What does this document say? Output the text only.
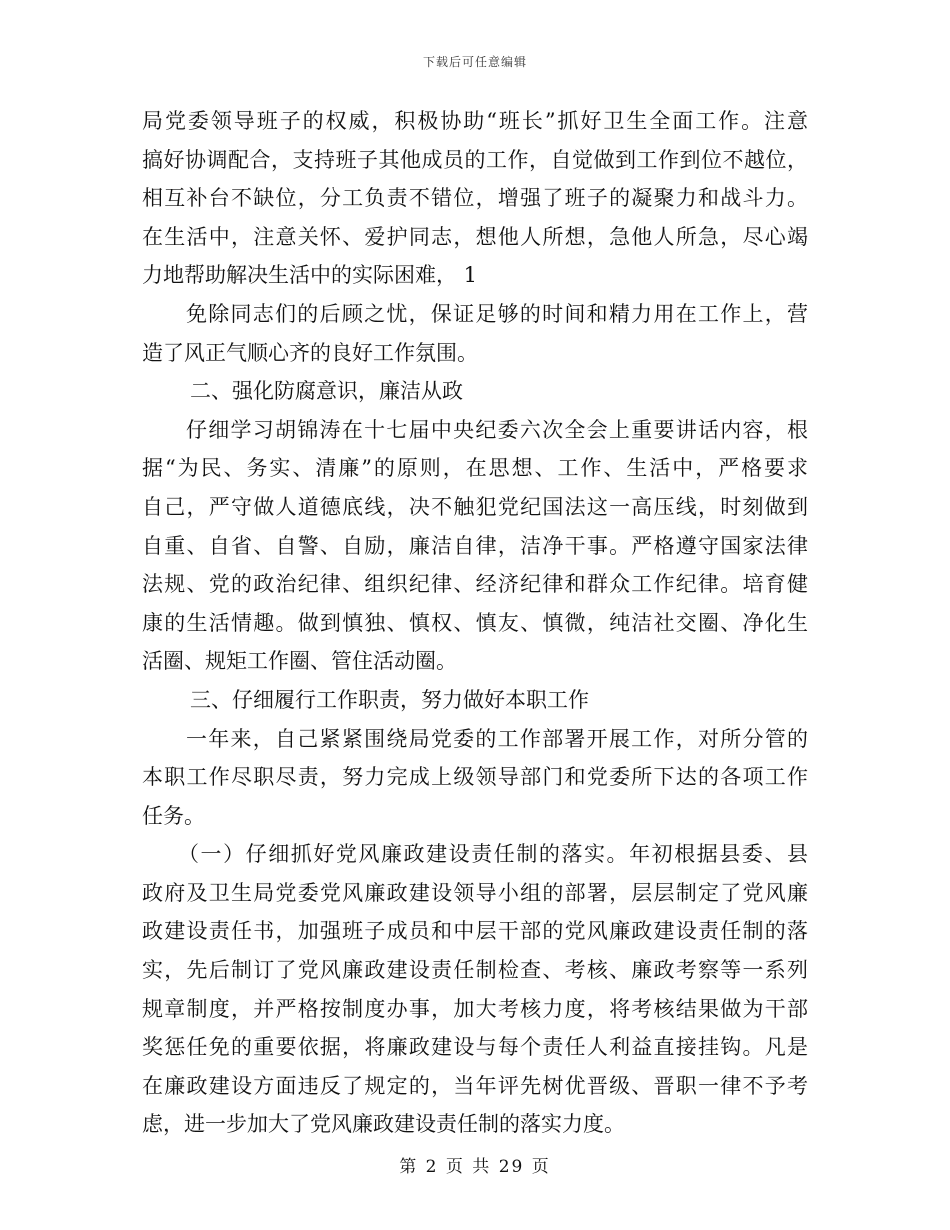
下载后可任意编辑
局党委领导班子的权威，积极协助“班长”抓好卫生全面工作。注意
搞好协调配合，支持班子其他成员的工作，自觉做到工作到位不越位，
相互补台不缺位，分工负责不错位，增强了班子的凝聚力和战斗力。
在生活中，注意关怀、爱护同志，想他人所想，急他人所急，尽心竭
力地帮助解决生活中的实际困难， 1
免除同志们的后顾之忧，保证足够的时间和精力用在工作上，营
造了风正气顺心齐的良好工作氛围。
二、强化防腐意识，廉洁从政
仔细学习胡锦涛在十七届中央纪委六次全会上重要讲话内容，根
据“为民、务实、清廉”的原则，在思想、工作、生活中，严格要求
自己，严守做人道德底线，决不触犯党纪国法这一高压线，时刻做到
自重、自省、自警、自励，廉洁自律，洁净干事。严格遵守国家法律
法规、党的政治纪律、组织纪律、经济纪律和群众工作纪律。培育健
康的生活情趣。做到慎独、慎权、慎友、慎微，纯洁社交圈、净化生
活圈、规矩工作圈、管住活动圈。
三、仔细履行工作职责，努力做好本职工作
一年来，自己紧紧围绕局党委的工作部署开展工作，对所分管的
本职工作尽职尽责，努力完成上级领导部门和党委所下达的各项工作
任务。
（一）仔细抓好党风廉政建设责任制的落实。年初根据县委、县
政府及卫生局党委党风廉政建设领导小组的部署，层层制定了党风廉
政建设责任书，加强班子成员和中层干部的党风廉政建设责任制的落
实，先后制订了党风廉政建设责任制检查、考核、廉政考察等一系列
规章制度，并严格按制度办事，加大考核力度，将考核结果做为干部
奖惩任免的重要依据，将廉政建设与每个责任人利益直接挂钩。凡是
在廉政建设方面违反了规定的，当年评先树优晋级、晋职一律不予考
虑，进一步加大了党风廉政建设责任制的落实力度。
第 2 页 共 29 页
